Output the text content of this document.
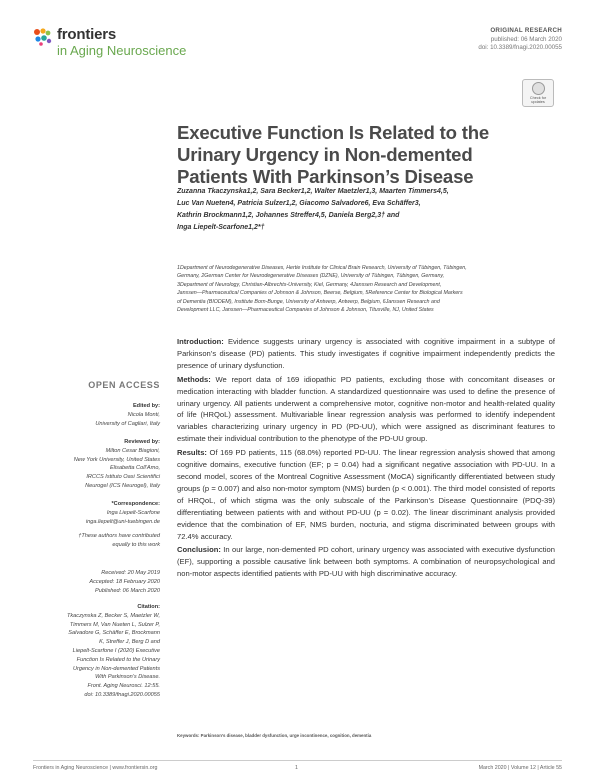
frontiers
in Aging Neuroscience
ORIGINAL RESEARCH
published: 06 March 2020
doi: 10.3389/fnagi.2020.00055
Check for
updates
Executive Function Is Related to the
Urinary Urgency in Non-demented
Patients With Parkinson’s Disease
Zuzanna Tkaczynska1,2, Sara Becker1,2, Walter Maetzler1,3, Maarten Timmers4,5,
Luc Van Nueten4, Patricia Sulzer1,2, Giacomo Salvadore6, Eva Schäffer3,
Kathrin Brockmann1,2, Johannes Streffer4,5, Daniela Berg2,3† and
Inga Liepelt-Scarfone1,2*†
1Department of Neurodegenerative Diseases, Hertie Institute for Clinical Brain Research, University of Tübingen, Tübingen,
Germany, 2German Center for Neurodegenerative Diseases (DZNE), University of Tübingen, Tübingen, Germany,
3Department of Neurology, Christian-Albrechts-University, Kiel, Germany, 4Janssen Research and Development,
Janssen—Pharmaceutical Companies of Johnson & Johnson, Beerse, Belgium, 5Reference Center for Biological Markers
of Dementia (BIODEM), Institute Born-Bunge, University of Antwerp, Antwerp, Belgium, 6Janssen Research and
Development LLC, Janssen—Pharmaceutical Companies of Johnson & Johnson, Titusville, NJ, United States

Introduction: Evidence suggests urinary urgency is associated with cognitive impairment in a subtype of Parkinson’s disease (PD) patients. This study investigates if cognitive impairment independently predicts the presence of urinary dysfunction.

Methods: We report data of 169 idiopathic PD patients, excluding those with concomitant diseases or medication interacting with bladder function. A standardized questionnaire was used to define the presence of urinary urgency. All patients underwent a comprehensive motor, cognitive non-motor and health-related quality of life (HRQoL) assessment. Multivariable linear regression analysis was performed to identify independent variables characterizing urinary urgency in PD (PD-UU), which were assigned as discriminant features to estimate their individual contribution to the phenotype of the PD-UU group.

Results: Of 169 PD patients, 115 (68.0%) reported PD-UU. The linear regression analysis showed that among cognitive domains, executive function (EF; p = 0.04) had a significant negative association with PD-UU. In a second model, scores of the Montreal Cognitive Assessment (MoCA) significantly differentiated between study groups (p = 0.007) and also non-motor symptom (NMS) burden (p < 0.001). The third model consisted of reports of HRQoL, of which stigma was the only subscale of the Parkinson’s Disease Questionnaire (PDQ-39) differentiating between patients with and without PD-UU (p = 0.02). The linear discriminant analysis provided evidence that the combination of EF, NMS burden, nocturia, and stigma discriminated between groups with 72.4% accuracy.

Conclusion: In our large, non-demented PD cohort, urinary urgency was associated with executive dysfunction (EF), supporting a possible causative link between both symptoms. A combination of neuropsychological and non-motor aspects identified patients with PD-UU with high discriminative accuracy.

Keywords: Parkinson’s disease, bladder dysfunction, urge incontinence, cognition, dementia
OPEN ACCESS
Edited by:
Nicola Monti,
University of Cagliari, Italy
Reviewed by:
Milton Cesar Biagioni,
New York University, United States
Elisabetta Coll’Amo,
IRCCS Istituto Oasi Scientifici
Neurogel (ICS Neurogel), Italy
*Correspondence:
Inga Liepelt-Scarfone
inga.liepelt@uni-tuebingen.de
†These authors have contributed
equally to this work
Received: 20 May 2019
Accepted: 18 February 2020
Published: 06 March 2020
Citation:
Tkaczynska Z, Becker S, Maetzler W,
Timmers M, Van Nueten L, Sulzer P,
Salvadore G, Schäffer E, Brockmann
K, Streffer J, Berg D and
Liepelt-Scarfone I (2020) Executive
Function Is Related to the Urinary
Urgency in Non-demented Patients
With Parkinson’s Disease.
Front. Aging Neurosci. 12:55.
doi: 10.3389/fnagi.2020.00055
Frontiers in Aging Neuroscience | www.frontiersin.org	1	March 2020 | Volume 12 | Article 55
